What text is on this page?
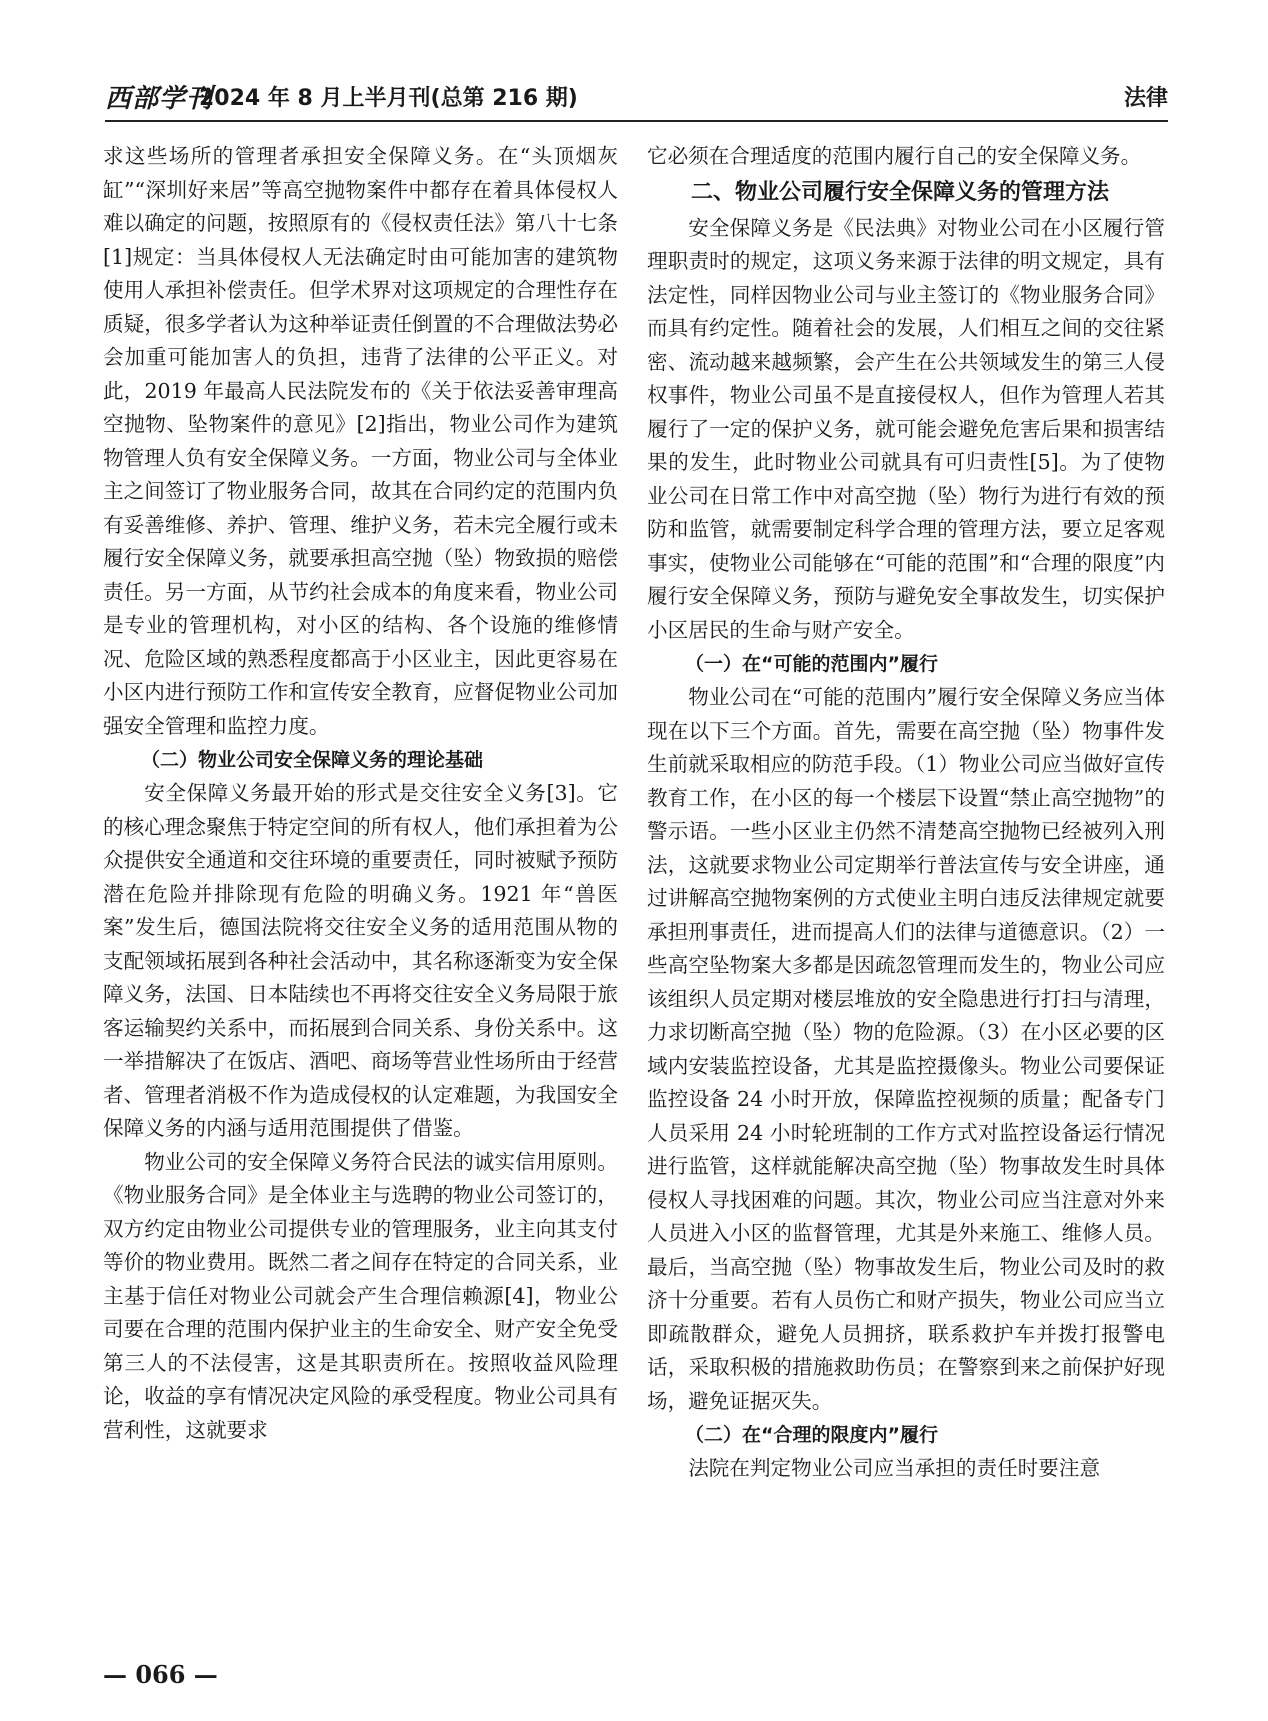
西部学刊
2024 年 8 月上半月刊(总第 216 期)	法律

求这些场所的管理者承担安全保障义务。在“头顶烟灰缸”“深圳好来居”等高空抛物案件中都存在着具体侵权人难以确定的问题，按照原有的《侵权责任法》第八十七条[1]规定：当具体侵权人无法确定时由可能加害的建筑物使用人承担补偿责任。但学术界对这项规定的合理性存在质疑，很多学者认为这种举证责任倒置的不合理做法势必会加重可能加害人的负担，违背了法律的公平正义。对此，2019 年最高人民法院发布的《关于依法妥善审理高空抛物、坠物案件的意见》[2]指出，物业公司作为建筑物管理人负有安全保障义务。一方面，物业公司与全体业主之间签订了物业服务合同，故其在合同约定的范围内负有妥善维修、养护、管理、维护义务，若未完全履行或未履行安全保障义务，就要承担高空抛（坠）物致损的赔偿责任。另一方面，从节约社会成本的角度来看，物业公司是专业的管理机构，对小区的结构、各个设施的维修情况、危险区域的熟悉程度都高于小区业主，因此更容易在小区内进行预防工作和宣传安全教育，应督促物业公司加强安全管理和监控力度。

（二）物业公司安全保障义务的理论基础

安全保障义务最开始的形式是交往安全义务[3]。它的核心理念聚焦于特定空间的所有权人，他们承担着为公众提供安全通道和交往环境的重要责任，同时被赋予预防潜在危险并排除现有危险的明确义务。1921 年“兽医案”发生后，德国法院将交往安全义务的适用范围从物的支配领域拓展到各种社会活动中，其名称逐渐变为安全保障义务，法国、日本陆续也不再将交往安全义务局限于旅客运输契约关系中，而拓展到合同关系、身份关系中。这一举措解决了在饭店、酒吧、商场等营业性场所由于经营者、管理者消极不作为造成侵权的认定难题，为我国安全保障义务的内涵与适用范围提供了借鉴。

物业公司的安全保障义务符合民法的诚实信用原则。《物业服务合同》是全体业主与选聘的物业公司签订的，双方约定由物业公司提供专业的管理服务，业主向其支付等价的物业费用。既然二者之间存在特定的合同关系，业主基于信任对物业公司就会产生合理信赖源[4]，物业公司要在合理的范围内保护业主的生命安全、财产安全免受第三人的不法侵害，这是其职责所在。按照收益风险理论，收益的享有情况决定风险的承受程度。物业公司具有营利性，这就要求

它必须在合理适度的范围内履行自己的安全保障义务。

二、物业公司履行安全保障义务的管理方法

安全保障义务是《民法典》对物业公司在小区履行管理职责时的规定，这项义务来源于法律的明文规定，具有法定性，同样因物业公司与业主签订的《物业服务合同》而具有约定性。随着社会的发展，人们相互之间的交往紧密、流动越来越频繁，会产生在公共领域发生的第三人侵权事件，物业公司虽不是直接侵权人，但作为管理人若其履行了一定的保护义务，就可能会避免危害后果和损害结果的发生，此时物业公司就具有可归责性[5]。为了使物业公司在日常工作中对高空抛（坠）物行为进行有效的预防和监管，就需要制定科学合理的管理方法，要立足客观事实，使物业公司能够在“可能的范围”和“合理的限度”内履行安全保障义务，预防与避免安全事故发生，切实保护小区居民的生命与财产安全。

（一）在“可能的范围内”履行

物业公司在“可能的范围内”履行安全保障义务应当体现在以下三个方面。首先，需要在高空抛（坠）物事件发生前就采取相应的防范手段。（1）物业公司应当做好宣传教育工作，在小区的每一个楼层下设置“禁止高空抛物”的警示语。一些小区业主仍然不清楚高空抛物已经被列入刑法，这就要求物业公司定期举行普法宣传与安全讲座，通过讲解高空抛物案例的方式使业主明白违反法律规定就要承担刑事责任，进而提高人们的法律与道德意识。（2）一些高空坠物案大多都是因疏忽管理而发生的，物业公司应该组织人员定期对楼层堆放的安全隐患进行打扫与清理，力求切断高空抛（坠）物的危险源。（3）在小区必要的区域内安装监控设备，尤其是监控摄像头。物业公司要保证监控设备 24 小时开放，保障监控视频的质量；配备专门人员采用 24 小时轮班制的工作方式对监控设备运行情况进行监管，这样就能解决高空抛（坠）物事故发生时具体侵权人寻找困难的问题。其次，物业公司应当注意对外来人员进入小区的监督管理，尤其是外来施工、维修人员。最后，当高空抛（坠）物事故发生后，物业公司及时的救济十分重要。若有人员伤亡和财产损失，物业公司应当立即疏散群众，避免人员拥挤，联系救护车并拨打报警电话，采取积极的措施救助伤员；在警察到来之前保护好现场，避免证据灭失。

（二）在“合理的限度内”履行

法院在判定物业公司应当承担的责任时要注意

— 066 —
